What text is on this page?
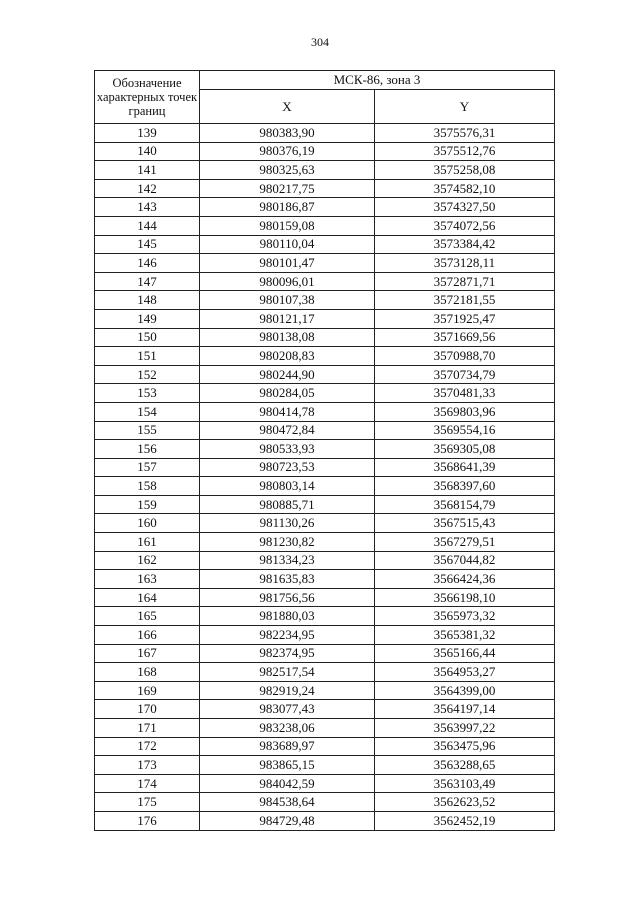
304
Обозначение характерных точек границ	МСК-86, зона 3	
	X	Y
139	980383,90	3575576,31
140	980376,19	3575512,76
141	980325,63	3575258,08
142	980217,75	3574582,10
143	980186,87	3574327,50
144	980159,08	3574072,56
145	980110,04	3573384,42
146	980101,47	3573128,11
147	980096,01	3572871,71
148	980107,38	3572181,55
149	980121,17	3571925,47
150	980138,08	3571669,56
151	980208,83	3570988,70
152	980244,90	3570734,79
153	980284,05	3570481,33
154	980414,78	3569803,96
155	980472,84	3569554,16
156	980533,93	3569305,08
157	980723,53	3568641,39
158	980803,14	3568397,60
159	980885,71	3568154,79
160	981130,26	3567515,43
161	981230,82	3567279,51
162	981334,23	3567044,82
163	981635,83	3566424,36
164	981756,56	3566198,10
165	981880,03	3565973,32
166	982234,95	3565381,32
167	982374,95	3565166,44
168	982517,54	3564953,27
169	982919,24	3564399,00
170	983077,43	3564197,14
171	983238,06	3563997,22
172	983689,97	3563475,96
173	983865,15	3563288,65
174	984042,59	3563103,49
175	984538,64	3562623,52
176	984729,48	3562452,19
